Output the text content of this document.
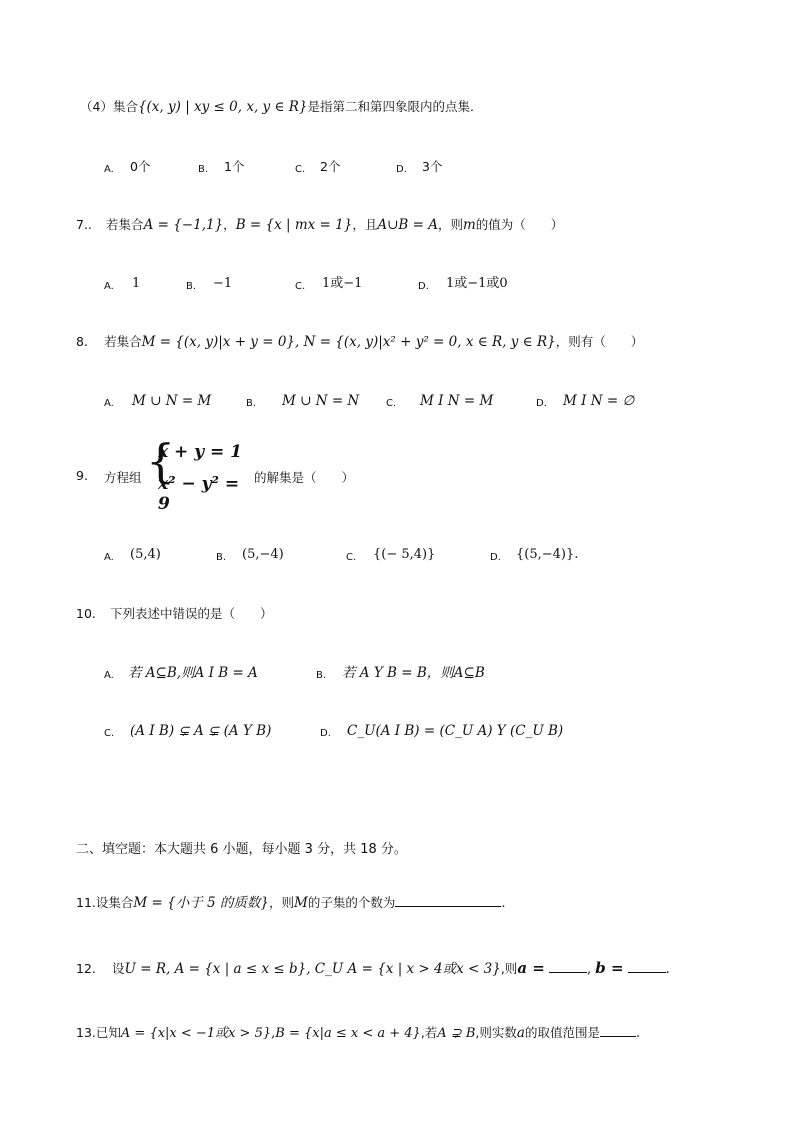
（4）集合{(x, y) | xy ≤ 0, x, y ∈ R}是指第二和第四象限内的点集.
A. 0个	B. 1个	C. 2个	D. 3个
7.. 若集合A = {−1,1}，B = {x | mx = 1}，且A∪B = A，则m的值为（　　）
A. 1	B. −1	C. 1或−1	D. 1或−1或0
8. 若集合M = {(x, y)|x + y = 0}, N = {(x, y)|x² + y² = 0, x ∈ R, y ∈ R}，则有（　　）
A. M ∪ N = M	B. M ∪ N = N	C. M I N = M	D. M I N = ∅
9. 方程组 {
x + y = 1
x² − y² = 9
的解集是（　　）
A. (5,4)	B. (5,−4)	C. {(− 5,4)}	D. {(5,−4)}.
10. 下列表述中错误的是（　　）
A. 若 A⊆B,则A I B = A	B. 若 A Y B = B，则A⊆B
C. (A I B) ⊊ A ⊊ (A Y B)	D. C_U(A I B) = (C_U A) Y (C_U B)
二、填空题：本大题共 6 小题，每小题 3 分，共 18 分。
11.设集合M = {小于 5 的质数}，则M的子集的个数为	.
12. 设U = R, A = {x | a ≤ x ≤ b}, C_U A = {x | x > 4或x < 3},则a =	, b =	.
13.已知A = {x|x < −1或x > 5},B = {x|a ≤ x < a + 4},若A ⊋ B,则实数a的取值范围是	.
